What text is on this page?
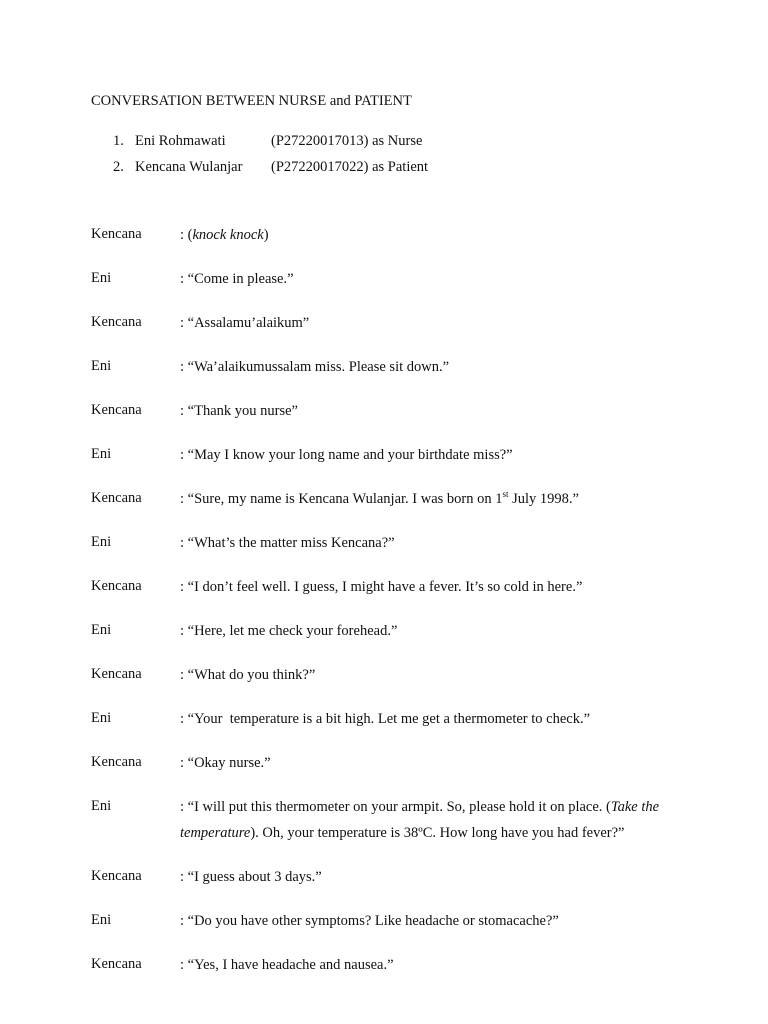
CONVERSATION BETWEEN NURSE and PATIENT
1. Eni Rohmawati	(P27220017013) as Nurse
2. Kencana Wulanjar (P27220017022) as Patient
Kencana	: (knock knock)
Eni	: “Come in please.”
Kencana	: “Assalamu’alaikum”
Eni	: “Wa’alaikumussalam miss. Please sit down.”
Kencana	: “Thank you nurse”
Eni	: “May I know your long name and your birthdate miss?”
Kencana	: “Sure, my name is Kencana Wulanjar. I was born on 1st July 1998.”
Eni	: “What’s the matter miss Kencana?”
Kencana	: “I don’t feel well. I guess, I might have a fever. It’s so cold in here.”
Eni	: “Here, let me check your forehead.”
Kencana	: “What do you think?”
Eni	: “Your  temperature is a bit high. Let me get a thermometer to check.”
Kencana	: “Okay nurse.”
Eni	: “I will put this thermometer on your armpit. So, please hold it on place. (Take the temperature). Oh, your temperature is 38ºC. How long have you had fever?”
Kencana	: “I guess about 3 days.”
Eni	: “Do you have other symptoms? Like headache or stomacache?”
Kencana	: “Yes, I have headache and nausea.”
